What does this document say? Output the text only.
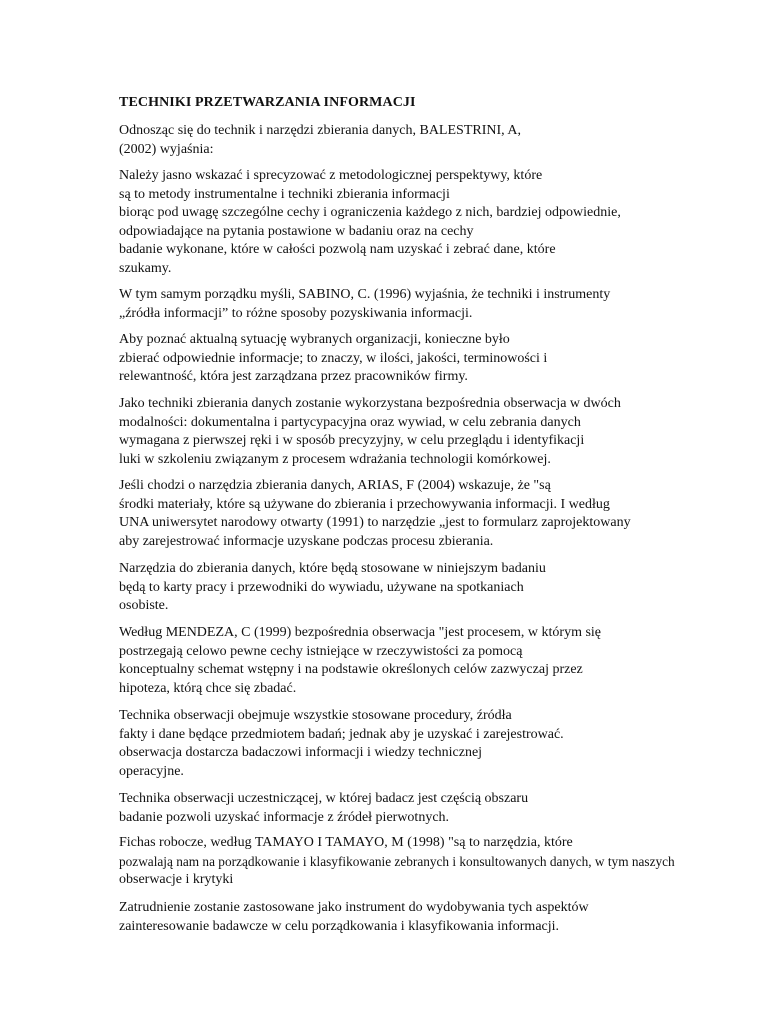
TECHNIKI PRZETWARZANIA INFORMACJI
Odnosząc się do technik i narzędzi zbierania danych, BALESTRINI, A,
(2002) wyjaśnia:
Należy jasno wskazać i sprecyzować z metodologicznej perspektywy, które
są to metody instrumentalne i techniki zbierania informacji
biorąc pod uwagę szczególne cechy i ograniczenia każdego z nich, bardziej odpowiednie,
odpowiadające na pytania postawione w badaniu oraz na cechy
badanie wykonane, które w całości pozwolą nam uzyskać i zebrać dane, które
szukamy.
W tym samym porządku myśli, SABINO, C. (1996) wyjaśnia, że techniki i instrumenty
„źródła informacji” to różne sposoby pozyskiwania informacji.
Aby poznać aktualną sytuację wybranych organizacji, konieczne było
zbierać odpowiednie informacje; to znaczy, w ilości, jakości, terminowości i
relewantność, która jest zarządzana przez pracowników firmy.
Jako techniki zbierania danych zostanie wykorzystana bezpośrednia obserwacja w dwóch
modalności: dokumentalna i partycypacyjna oraz wywiad, w celu zebrania danych
wymagana z pierwszej ręki i w sposób precyzyjny, w celu przeglądu i identyfikacji
luki w szkoleniu związanym z procesem wdrażania technologii komórkowej.
Jeśli chodzi o narzędzia zbierania danych, ARIAS, F (2004) wskazuje, że "są
środki materiały, które są używane do zbierania i przechowywania informacji. I według
UNA uniwersytet narodowy otwarty (1991) to narzędzie „jest to formularz zaprojektowany
aby zarejestrować informacje uzyskane podczas procesu zbierania.
Narzędzia do zbierania danych, które będą stosowane w niniejszym badaniu
będą to karty pracy i przewodniki do wywiadu, używane na spotkaniach
osobiste.
Według MENDEZA, C (1999) bezpośrednia obserwacja "jest procesem, w którym się
postrzegają celowo pewne cechy istniejące w rzeczywistości za pomocą
konceptualny schemat wstępny i na podstawie określonych celów zazwyczaj przez
hipoteza, którą chce się zbadać.
Technika obserwacji obejmuje wszystkie stosowane procedury, źródła
fakty i dane będące przedmiotem badań; jednak aby je uzyskać i zarejestrować.
obserwacja dostarcza badaczowi informacji i wiedzy technicznej
operacyjne.
Technika obserwacji uczestniczącej, w której badacz jest częścią obszaru
badanie pozwoli uzyskać informacje z źródeł pierwotnych.
Fichas robocze, według TAMAYO I TAMAYO, M (1998) "są to narzędzia, które
pozwalają nam na porządkowanie i klasyfikowanie zebranych i konsultowanych danych, w tym naszych
obserwacje i krytyki
Zatrudnienie zostanie zastosowane jako instrument do wydobywania tych aspektów
zainteresowanie badawcze w celu porządkowania i klasyfikowania informacji.
